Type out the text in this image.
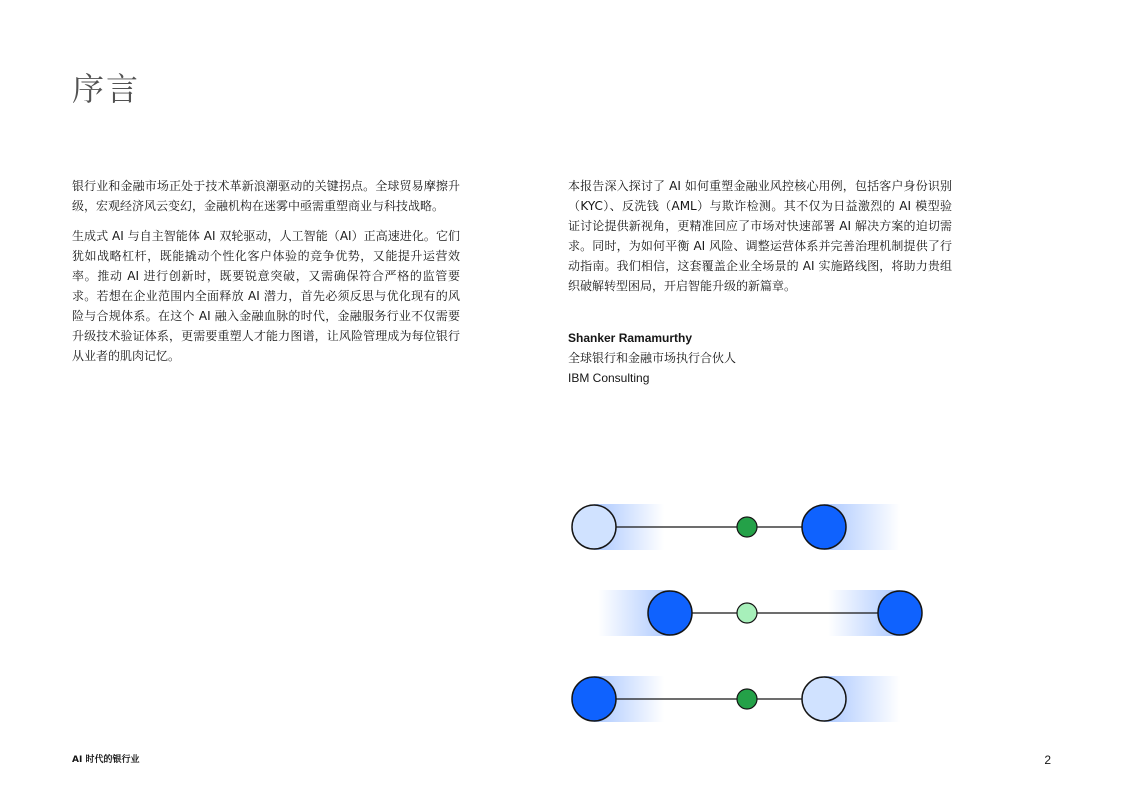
序言

银行业和金融市场正处于技术革新浪潮驱动的关键拐点。全球贸易摩擦升级，宏观经济风云变幻，金融机构在迷雾中亟需重塑商业与科技战略。

生成式 AI 与自主智能体 AI 双轮驱动，人工智能（AI）正高速进化。它们犹如战略杠杆，既能撬动个性化客户体验的竞争优势，又能提升运营效率。推动 AI 进行创新时，既要锐意突破，又需确保符合严格的监管要求。若想在企业范围内全面释放 AI 潜力，首先必须反思与优化现有的风险与合规体系。在这个 AI 融入金融血脉的时代，金融服务行业不仅需要升级技术验证体系，更需要重塑人才能力图谱，让风险管理成为每位银行从业者的肌肉记忆。

本报告深入探讨了 AI 如何重塑金融业风控核心用例，包括客户身份识别（KYC）、反洗钱（AML）与欺诈检测。其不仅为日益激烈的 AI 模型验证讨论提供新视角，更精准回应了市场对快速部署 AI 解决方案的迫切需求。同时，为如何平衡 AI 风险、调整运营体系并完善治理机制提供了行动指南。我们相信，这套覆盖企业全场景的 AI 实施路线图，将助力贵组织破解转型困局，开启智能升级的新篇章。

Shanker Ramamurthy
全球银行和金融市场执行合伙人
IBM Consulting
AI 时代的银行业	2
